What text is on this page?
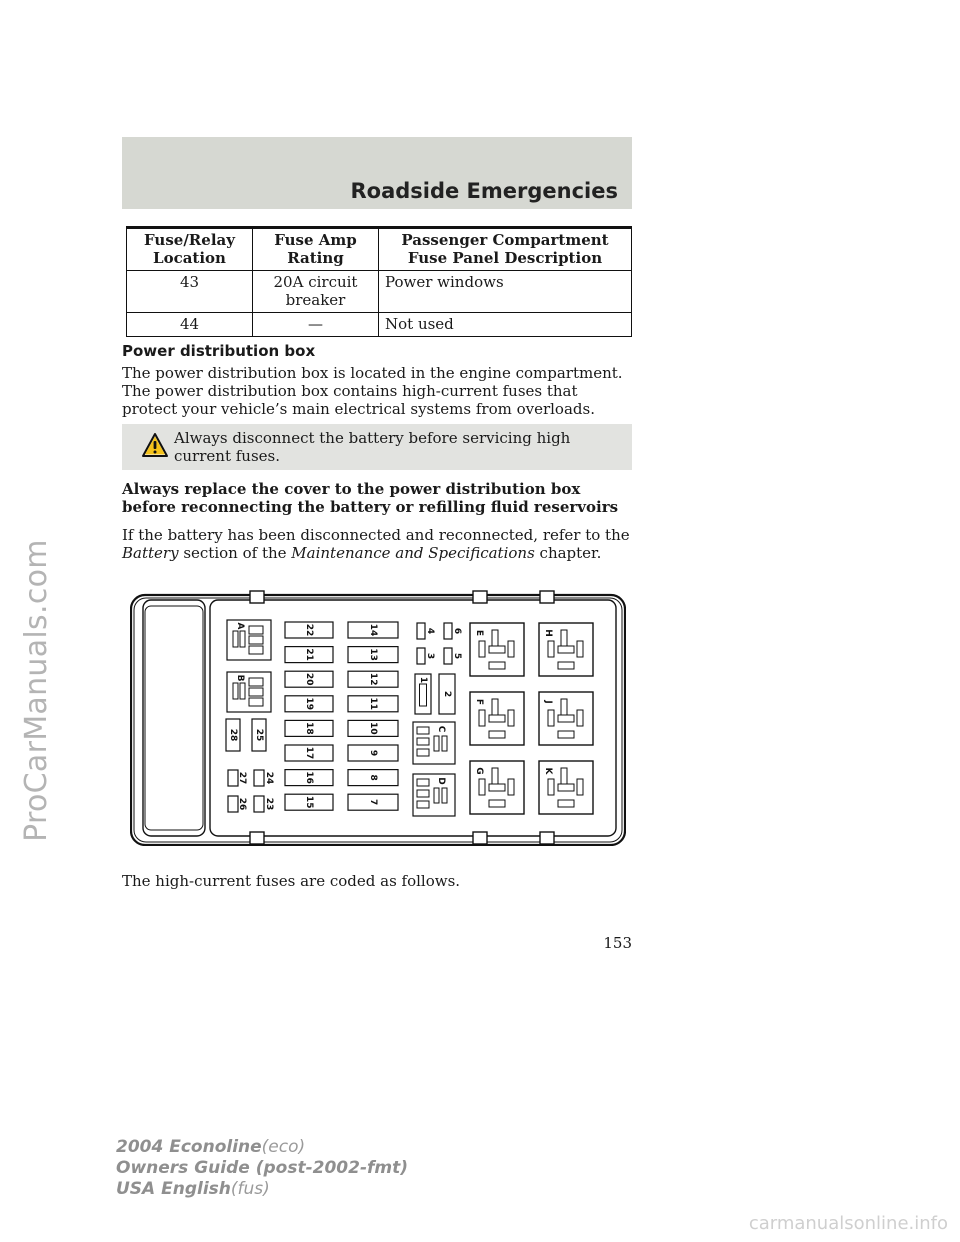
ProCarManuals.com
Roadside Emergencies
Fuse/Relay Location	Fuse Amp Rating	Passenger Compartment Fuse Panel Description
43	20A circuit breaker	Power windows
44	—	Not used
Power distribution box

The power distribution box is located in the engine compartment. The power distribution box contains high-current fuses that protect your vehicle’s main electrical systems from overloads.

Always disconnect the battery before servicing high current fuses.

Always replace the cover to the power distribution box before reconnecting the battery or refilling fluid reservoirs

If the battery has been disconnected and reconnected, refer to the
Battery section of the Maintenance and Specifications chapter.

22
21
20
19
18
17
16
15
14
13
12
11
10
9
8
7
A
B
28 25
27 24
26 23
4 6
3 5
1
2
C
D
E	H
F	J
G	K

153

The high-current fuses are coded as follows.

2004 Econoline(eco)
Owners Guide (post-2002-fmt)
USA English(fus)
carmanualsonline.info
